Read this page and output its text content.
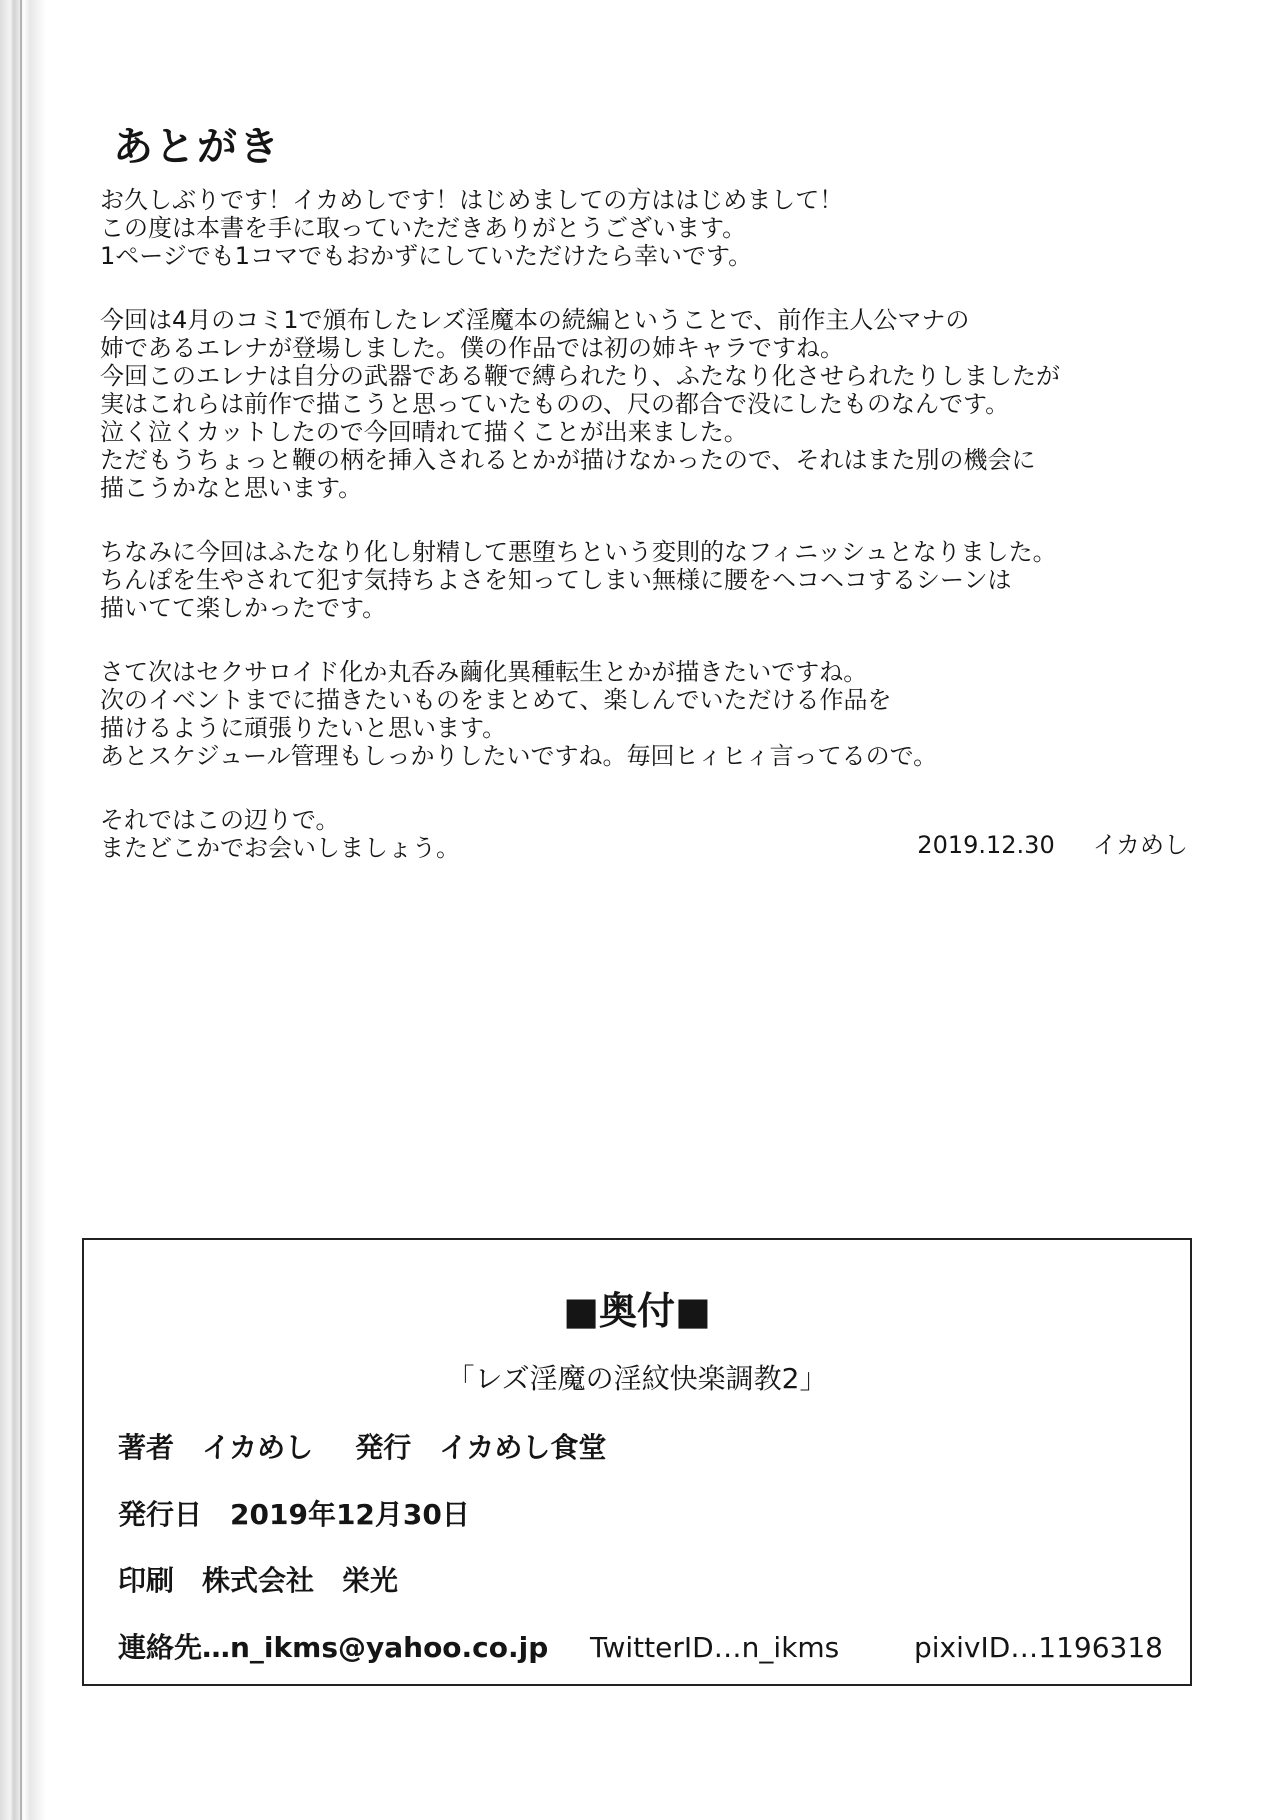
あとがき
お久しぶりです！イカめしです！はじめましての方ははじめまして！
この度は本書を手に取っていただきありがとうございます。
1ページでも1コマでもおかずにしていただけたら幸いです。
今回は4月のコミ1で頒布したレズ淫魔本の続編ということで、前作主人公マナの
姉であるエレナが登場しました。僕の作品では初の姉キャラですね。
今回このエレナは自分の武器である鞭で縛られたり、ふたなり化させられたりしましたが
実はこれらは前作で描こうと思っていたものの、尺の都合で没にしたものなんです。
泣く泣くカットしたので今回晴れて描くことが出来ました。
ただもうちょっと鞭の柄を挿入されるとかが描けなかったので、それはまた別の機会に
描こうかなと思います。
ちなみに今回はふたなり化し射精して悪堕ちという変則的なフィニッシュとなりました。
ちんぽを生やされて犯す気持ちよさを知ってしまい無様に腰をヘコヘコするシーンは
描いてて楽しかったです。
さて次はセクサロイド化か丸呑み繭化異種転生とかが描きたいですね。
次のイベントまでに描きたいものをまとめて、楽しんでいただける作品を
描けるように頑張りたいと思います。
あとスケジュール管理もしっかりしたいですね。毎回ヒィヒィ言ってるので。
それではこの辺りで。
またどこかでお会いしましょう。	2019.12.30 イカめし
■奥付■
「レズ淫魔の淫紋快楽調教2」
著者 イカめし 発行 イカめし食堂
発行日 2019年12月30日
印刷 株式会社 栄光
連絡先…n_ikms@yahoo.co.jp TwitterID…n_ikms	pixivID…1196318
